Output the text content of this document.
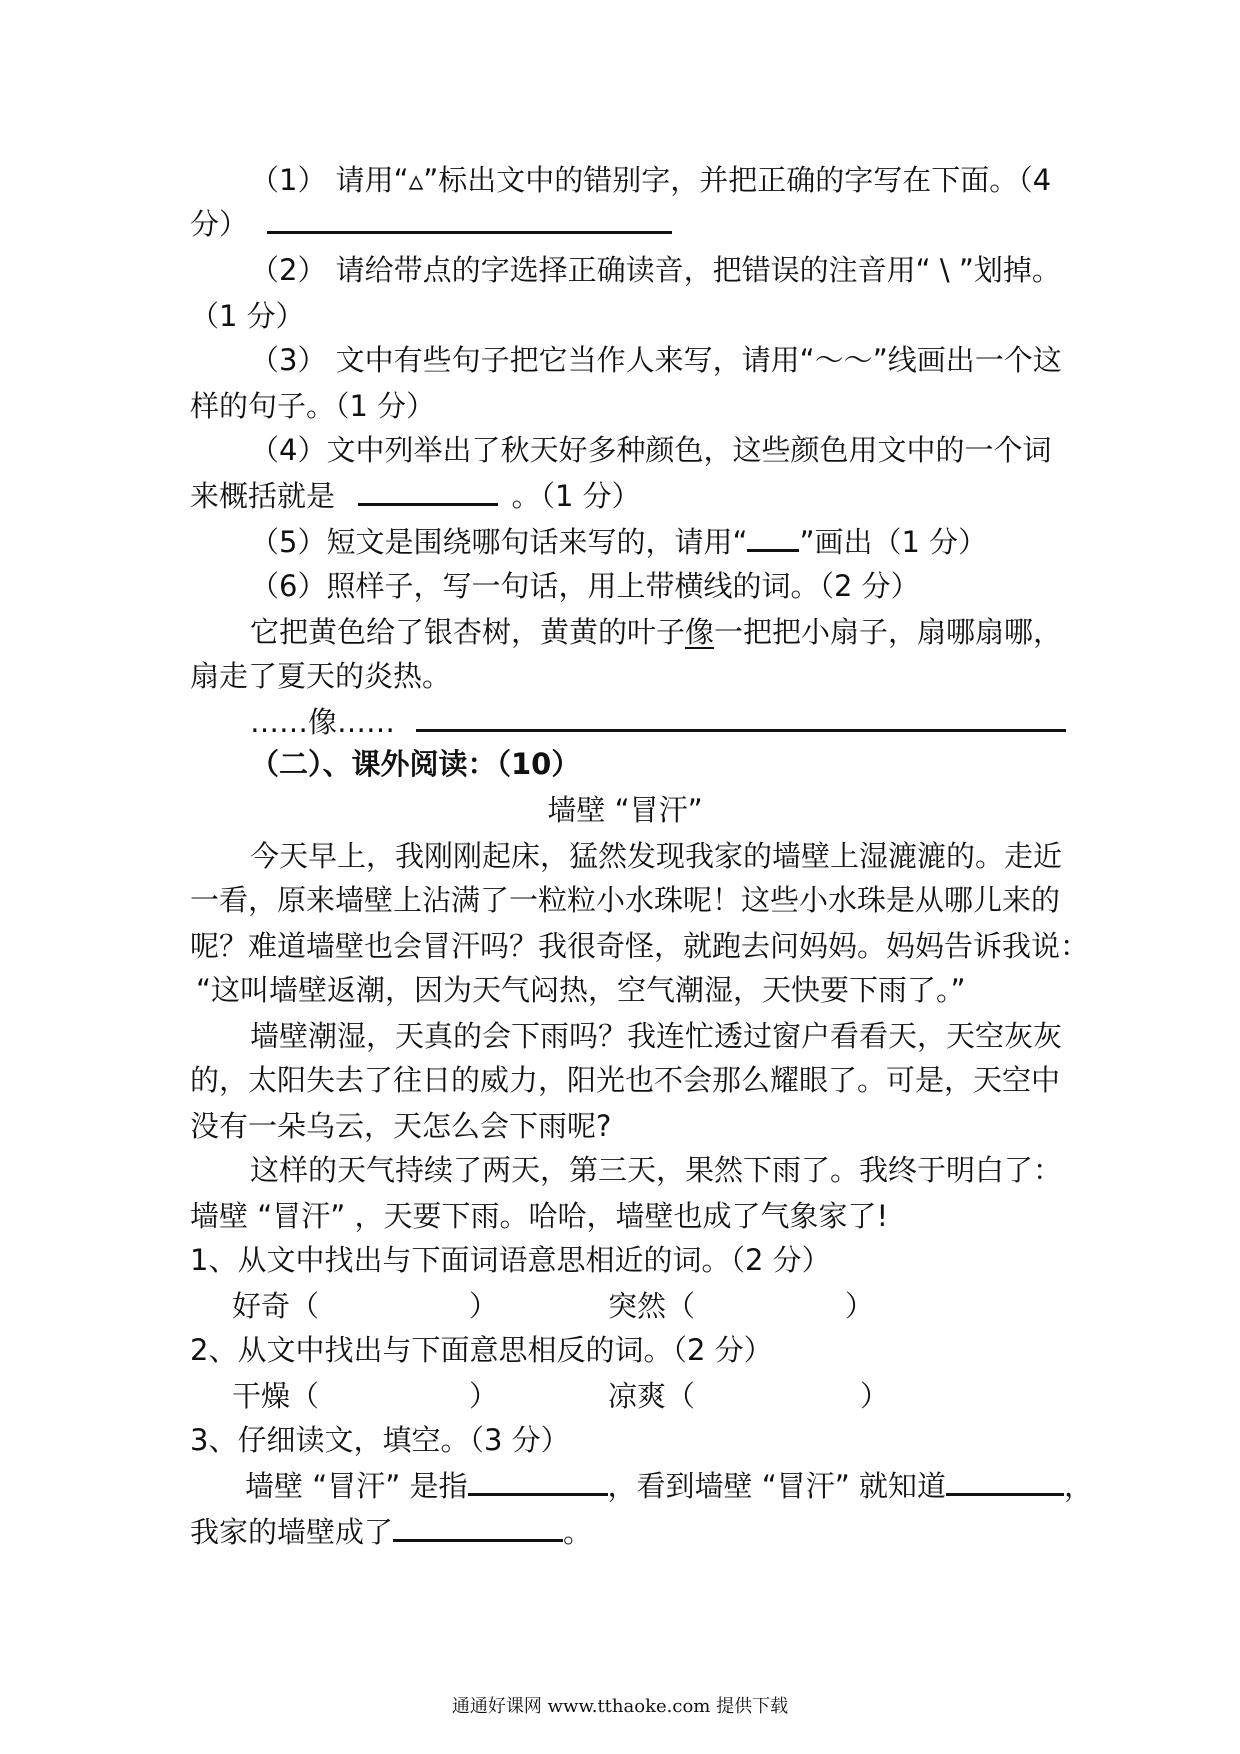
（1） 请用“▵”标出文中的错别字，并把正确的字写在下面。（4
分）
（2） 请给带点的字选择正确读音，把错误的注音用“ \ ”划掉。
（1 分）
（3） 文中有些句子把它当作人来写，请用“～～”线画出一个这
样的句子。（1 分）
（4）文中列举出了秋天好多种颜色，这些颜色用文中的一个词
来概括就是	。（1 分）
（5）短文是围绕哪句话来写的，请用“ ”画出（1 分）
（6）照样子，写一句话，用上带横线的词。（2 分）
它把黄色给了银杏树，黄黄的叶子像一把把小扇子，扇哪扇哪，
扇走了夏天的炎热。
……像……
（二）、课外阅读：（10）
墙壁 “冒汗”
今天早上，我刚刚起床，猛然发现我家的墙壁上湿漉漉的。走近
一看，原来墙壁上沾满了一粒粒小水珠呢！这些小水珠是从哪儿来的
呢？难道墙壁也会冒汗吗？我很奇怪，就跑去问妈妈。妈妈告诉我说：
“这叫墙壁返潮，因为天气闷热，空气潮湿，天快要下雨了。”
墙壁潮湿，天真的会下雨吗？我连忙透过窗户看看天，天空灰灰
的，太阳失去了往日的威力，阳光也不会那么耀眼了。可是，天空中
没有一朵乌云，天怎么会下雨呢?
这样的天气持续了两天，第三天，果然下雨了。我终于明白了：
墙壁 “冒汗” ，天要下雨。哈哈，墙壁也成了气象家了!
1、从文中找出与下面词语意思相近的词。（2 分）
好奇（	）	突然（	）
2、从文中找出与下面意思相反的词。（2 分）
干燥（	）	凉爽（	）
3、仔细读文，填空。（3 分）
墙壁 “冒汗” 是指	，看到墙壁 “冒汗” 就知道	，
我家的墙壁成了	。
通通好课网 www.tthaoke.com 提供下载
